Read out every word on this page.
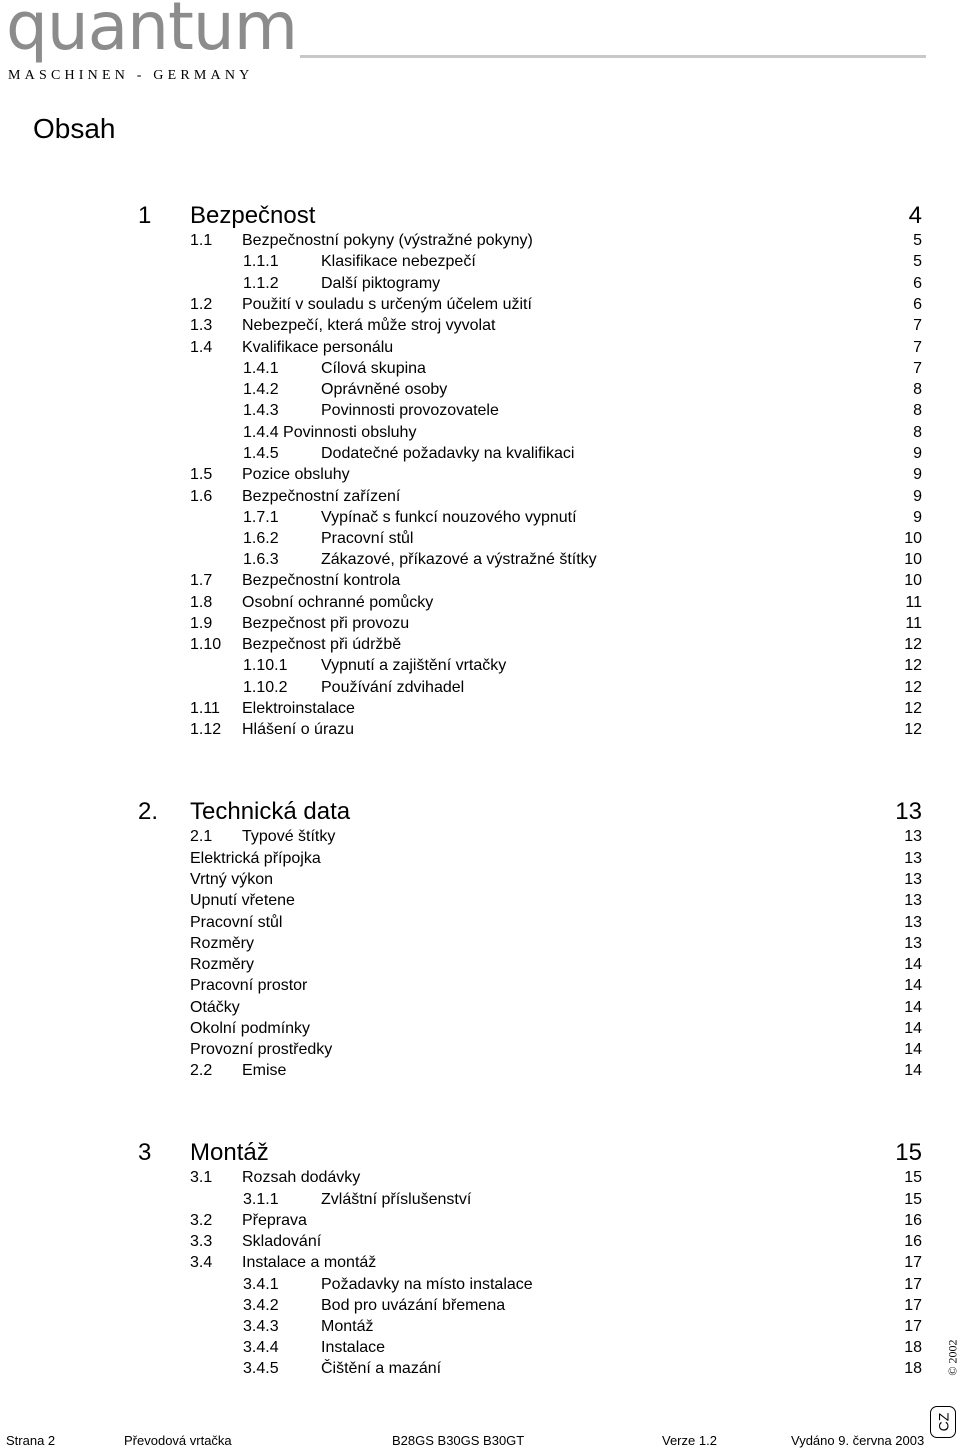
quantum
MASCHINEN - GERMANY
Obsah
1 Bezpečnost	4
1.1 Bezpečnostní pokyny (výstražné pokyny)	5
1.1.1	Klasifikace nebezpečí	5
1.1.2	Další piktogramy	6
1.2 Použití v souladu s určeným účelem užití	6
1.3 Nebezpečí, která může stroj vyvolat	7
1.4 Kvalifikace personálu	7
1.4.1	Cílová skupina	7
1.4.2	Oprávněné osoby	8
1.4.3	Povinnosti provozovatele	8
1.4.4 Povinnosti obsluhy	8
1.4.5	Dodatečné požadavky na kvalifikaci	9
1.5 Pozice obsluhy	9
1.6 Bezpečnostní zařízení	9
1.7.1	Vypínač s funkcí nouzového vypnutí	9
1.6.2	Pracovní stůl	10
1.6.3	Zákazové, příkazové a výstražné štítky	10
1.7 Bezpečnostní kontrola	10
1.8 Osobní ochranné pomůcky	11
1.9 Bezpečnost při provozu	11
1.10 Bezpečnost při údržbě	12
1.10.1 Vypnutí a zajištění vrtačky	12
1.10.2 Používání zdvihadel	12
1.11 Elektroinstalace	12
1.12 Hlášení o úrazu	12
2. Technická data	13
2.1 Typové štítky	13
Elektrická přípojka	13
Vrtný výkon	13
Upnutí vřetene	13
Pracovní stůl	13
Rozměry	13
Rozměry	14
Pracovní prostor	14
Otáčky	14
Okolní podmínky	14
Provozní prostředky	14
2.2 Emise	14
3 Montáž	15
3.1 Rozsah dodávky	15
3.1.1	Zvláštní příslušenství	15
3.2 Přeprava	16
3.3 Skladování	16
3.4 Instalace a montáž	17
3.4.1	Požadavky na místo instalace	17
3.4.2	Bod pro uvázání břemena	17
3.4.3	Montáž	17
3.4.4	Instalace	18
3.4.5	Čištění a mazání	18 © 2002
CZ
Strana 2	Převodová vrtačka	B28GS B30GS B30GT	Verze 1.2	Vydáno 9. června 2003
